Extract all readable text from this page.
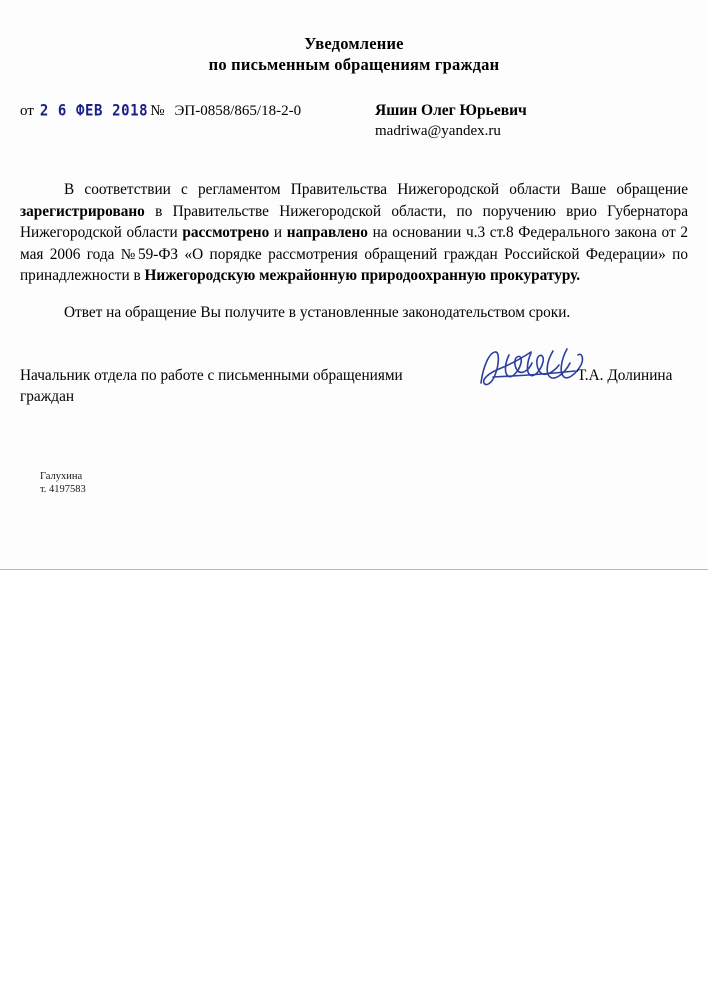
Уведомление
по письменным обращениям граждан
от 2 6 ФЕВ 2018 № ЭП-0858/865/18-2-0	Яшин Олег Юрьевич
madriwa@yandex.ru

В соответствии с регламентом Правительства Нижегородской области Ваше обращение зарегистрировано в Правительстве Нижегородской области, по поручению врио Губернатора Нижегородской области рассмотрено и направлено на основании ч.3 ст.8 Федерального закона от 2 мая 2006 года №59-ФЗ «О порядке рассмотрения обращений граждан Российской Федерации» по принадлежности в Нижегородскую межрайонную природоохранную прокуратуру.

Ответ на обращение Вы получите в установленные законодательством сроки.

Начальник отдела по работе с письменными обращениями граждан
Т.А. Долинина
Галухина
т. 4197583
